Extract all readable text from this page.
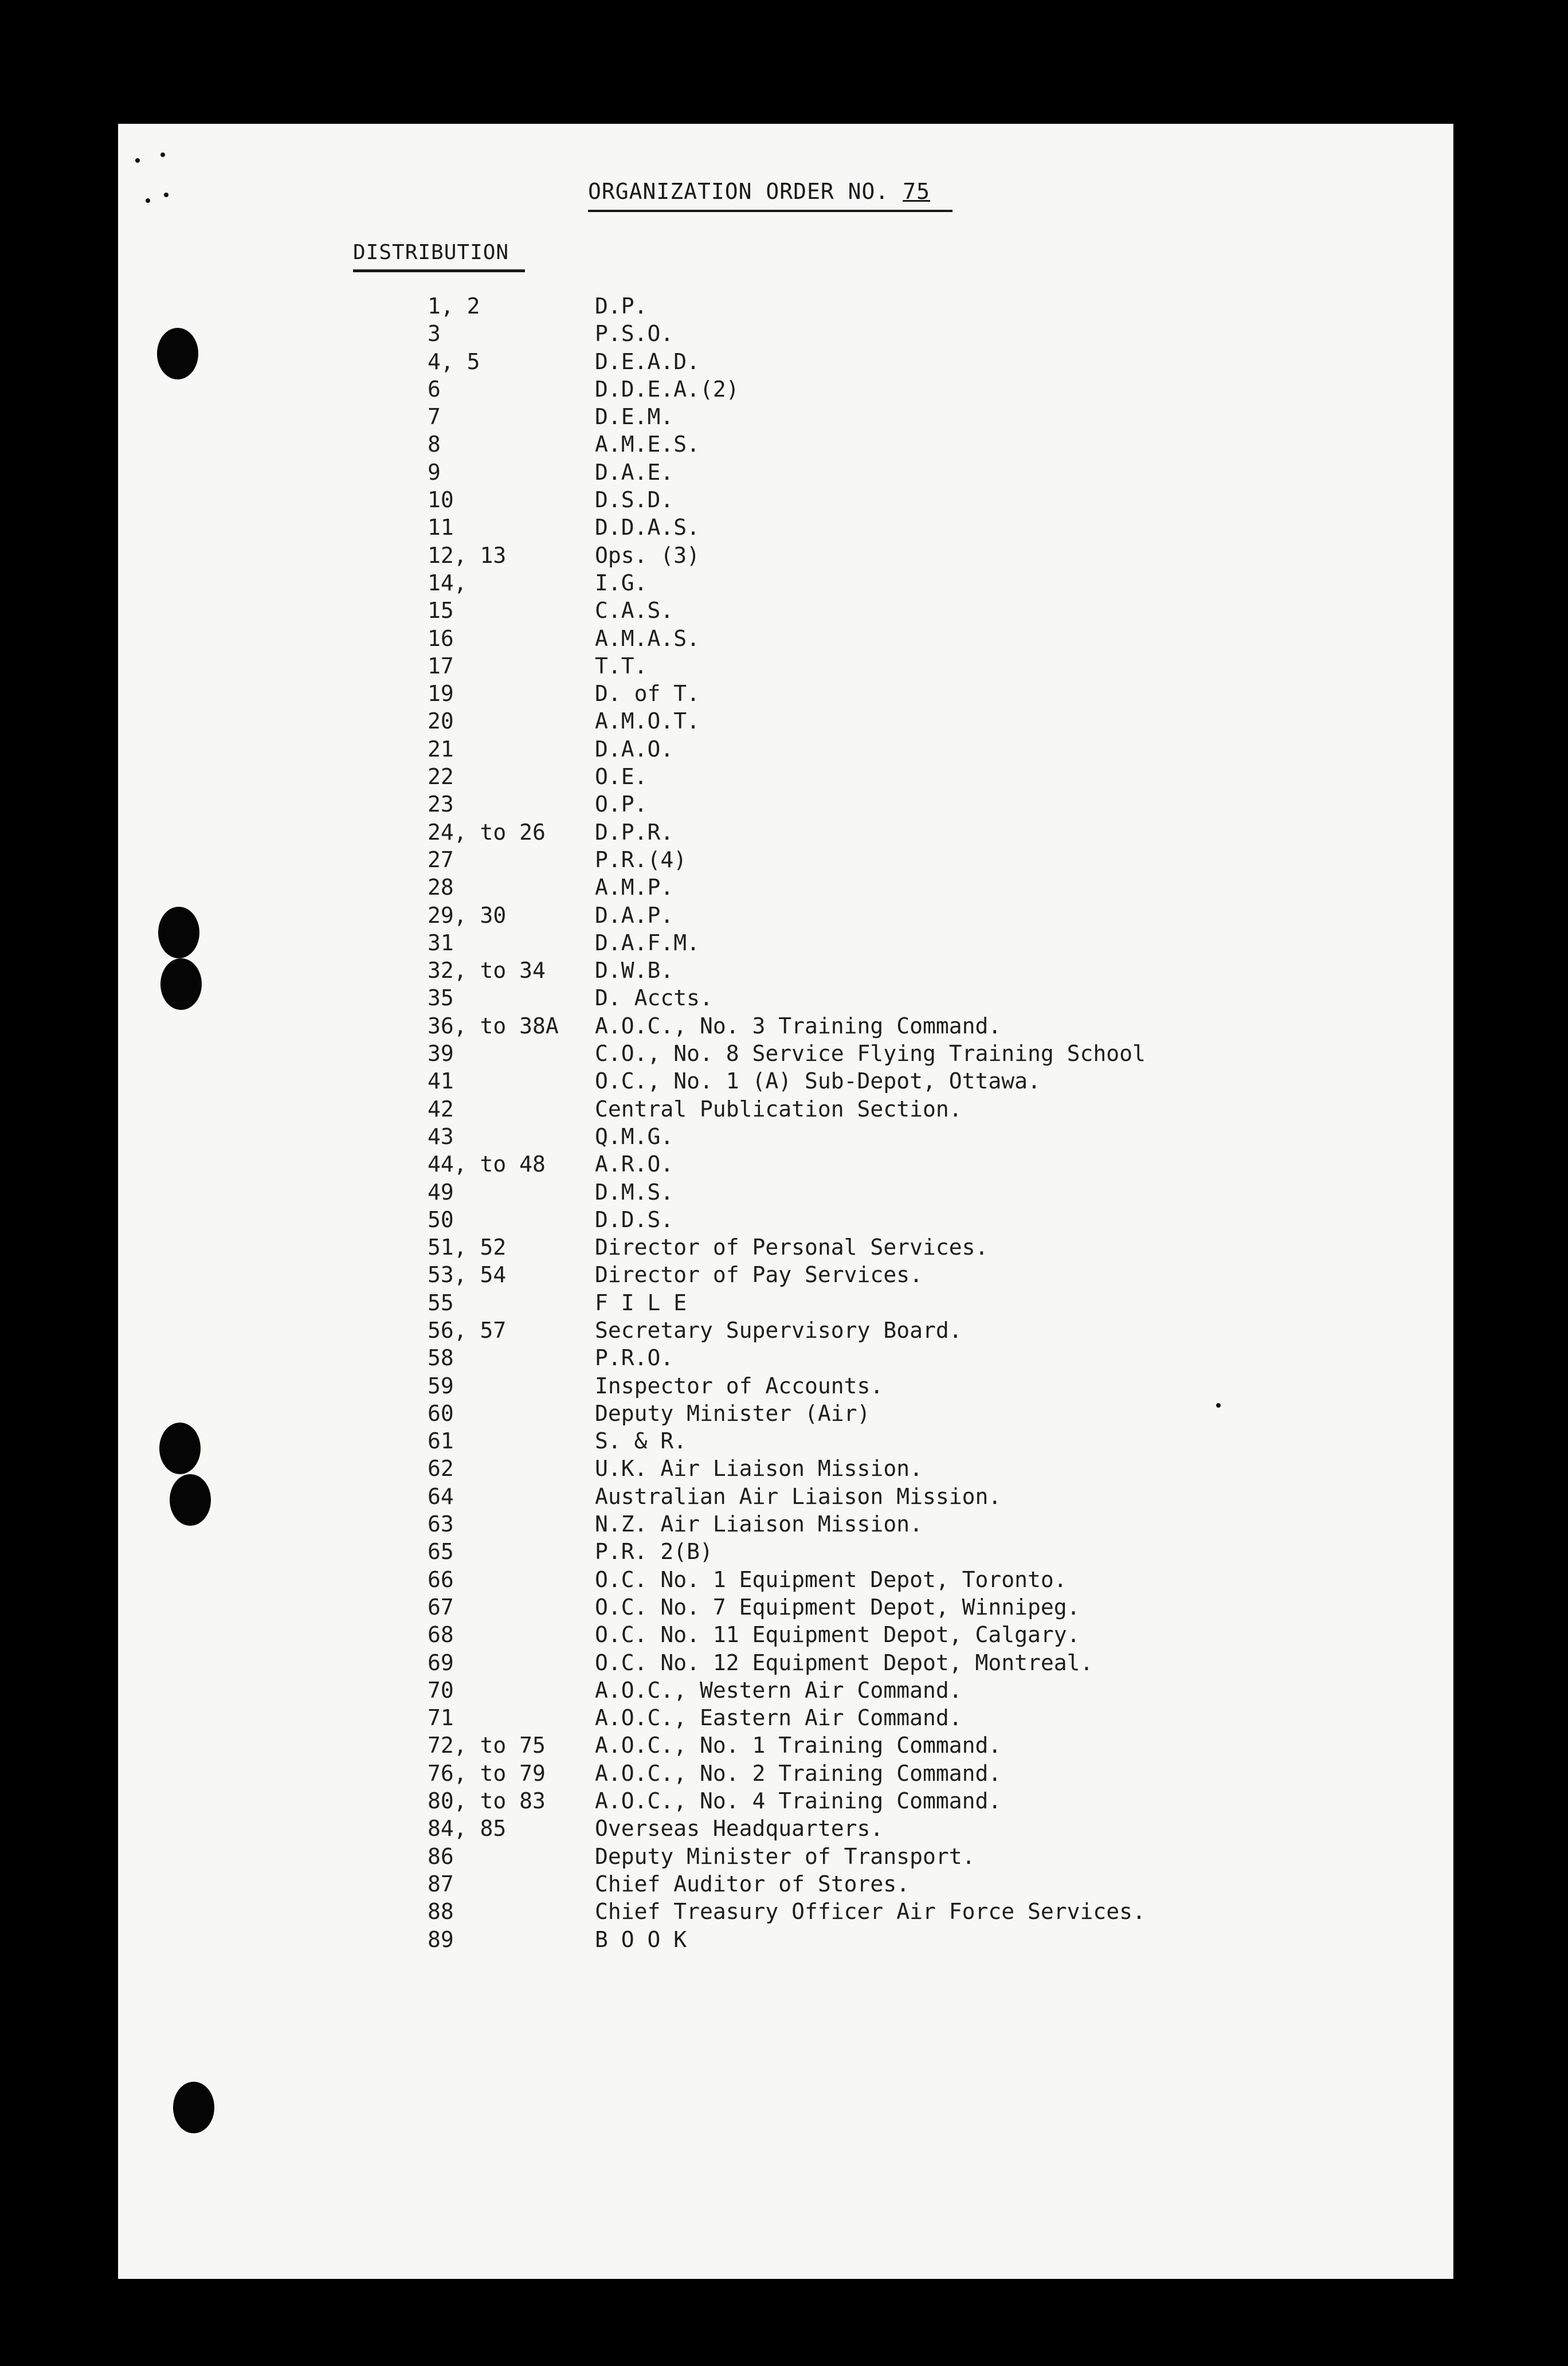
ORGANIZATION ORDER NO. 75
DISTRIBUTION
1, 2	D.P.
3	P.S.O.
4, 5	D.E.A.D.
6	D.D.E.A.(2)
7	D.E.M.
8	A.M.E.S.
9	D.A.E.
10	D.S.D.
11	D.D.A.S.
12, 13	Ops. (3)
14,	I.G.
15	C.A.S.
16	A.M.A.S.
17	T.T.
19	D. of T.
20	A.M.O.T.
21	D.A.O.
22	O.E.
23	O.P.
24, to 26 D.P.R.
27	P.R.(4)
28	A.M.P.
29, 30	D.A.P.
31	D.A.F.M.
32, to 34 D.W.B.
35	D. Accts.
36, to 38A A.O.C., No. 3 Training Command.
39	C.O., No. 8 Service Flying Training School
41	O.C., No. 1 (A) Sub-Depot, Ottawa.
42	Central Publication Section.
43	Q.M.G.
44, to 48 A.R.O.
49	D.M.S.
50	D.D.S.
51, 52	Director of Personal Services.
53, 54	Director of Pay Services.
55	F I L E
56, 57	Secretary Supervisory Board.
58	P.R.O.
59	Inspector of Accounts.
60	Deputy Minister (Air)
61	S. & R.
62	U.K. Air Liaison Mission.
64	Australian Air Liaison Mission.
63	N.Z. Air Liaison Mission.
65	P.R. 2(B)
66	O.C. No. 1 Equipment Depot, Toronto.
67	O.C. No. 7 Equipment Depot, Winnipeg.
68	O.C. No. 11 Equipment Depot, Calgary.
69	O.C. No. 12 Equipment Depot, Montreal.
70	A.O.C., Western Air Command.
71	A.O.C., Eastern Air Command.
72, to 75 A.O.C., No. 1 Training Command.
76, to 79 A.O.C., No. 2 Training Command.
80, to 83 A.O.C., No. 4 Training Command.
84, 85	Overseas Headquarters.
86	Deputy Minister of Transport.
87	Chief Auditor of Stores.
88	Chief Treasury Officer Air Force Services.
89	B O O K
